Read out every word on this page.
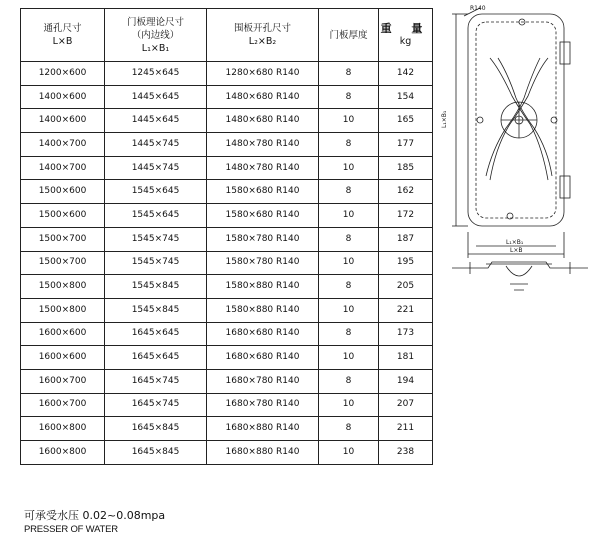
通孔尺寸
L×B	门板理论尺寸
（内边线）
L₁×B₁	围板开孔尺寸
L₂×B₂	门板厚度	重 量
kg

1200×600	1245×645	1280×680 R140	8	142
1400×600	1445×645	1480×680 R140	8	154
1400×600	1445×645	1480×680 R140	10	165
1400×700	1445×745	1480×780 R140	8	177
1400×700	1445×745	1480×780 R140	10	185
1500×600	1545×645	1580×680 R140	8	162
1500×600	1545×645	1580×680 R140	10	172
1500×700	1545×745	1580×780 R140	8	187
1500×700	1545×745	1580×780 R140	10	195
1500×800	1545×845	1580×880 R140	8	205
1500×800	1545×845	1580×880 R140	10	221
1600×600	1645×645	1680×680 R140	8	173
1600×600	1645×645	1680×680 R140	10	181
1600×700	1645×745	1680×780 R140	8	194
1600×700	1645×745	1680×780 R140	10	207
1600×800	1645×845	1680×880 R140	8	211
1600×800	1645×845	1680×880 R140	10	238
可承受水压 0.02~0.08mpa
PRESSER OF WATER
R140
L₁×B₁
L₁×B₁
L×B
